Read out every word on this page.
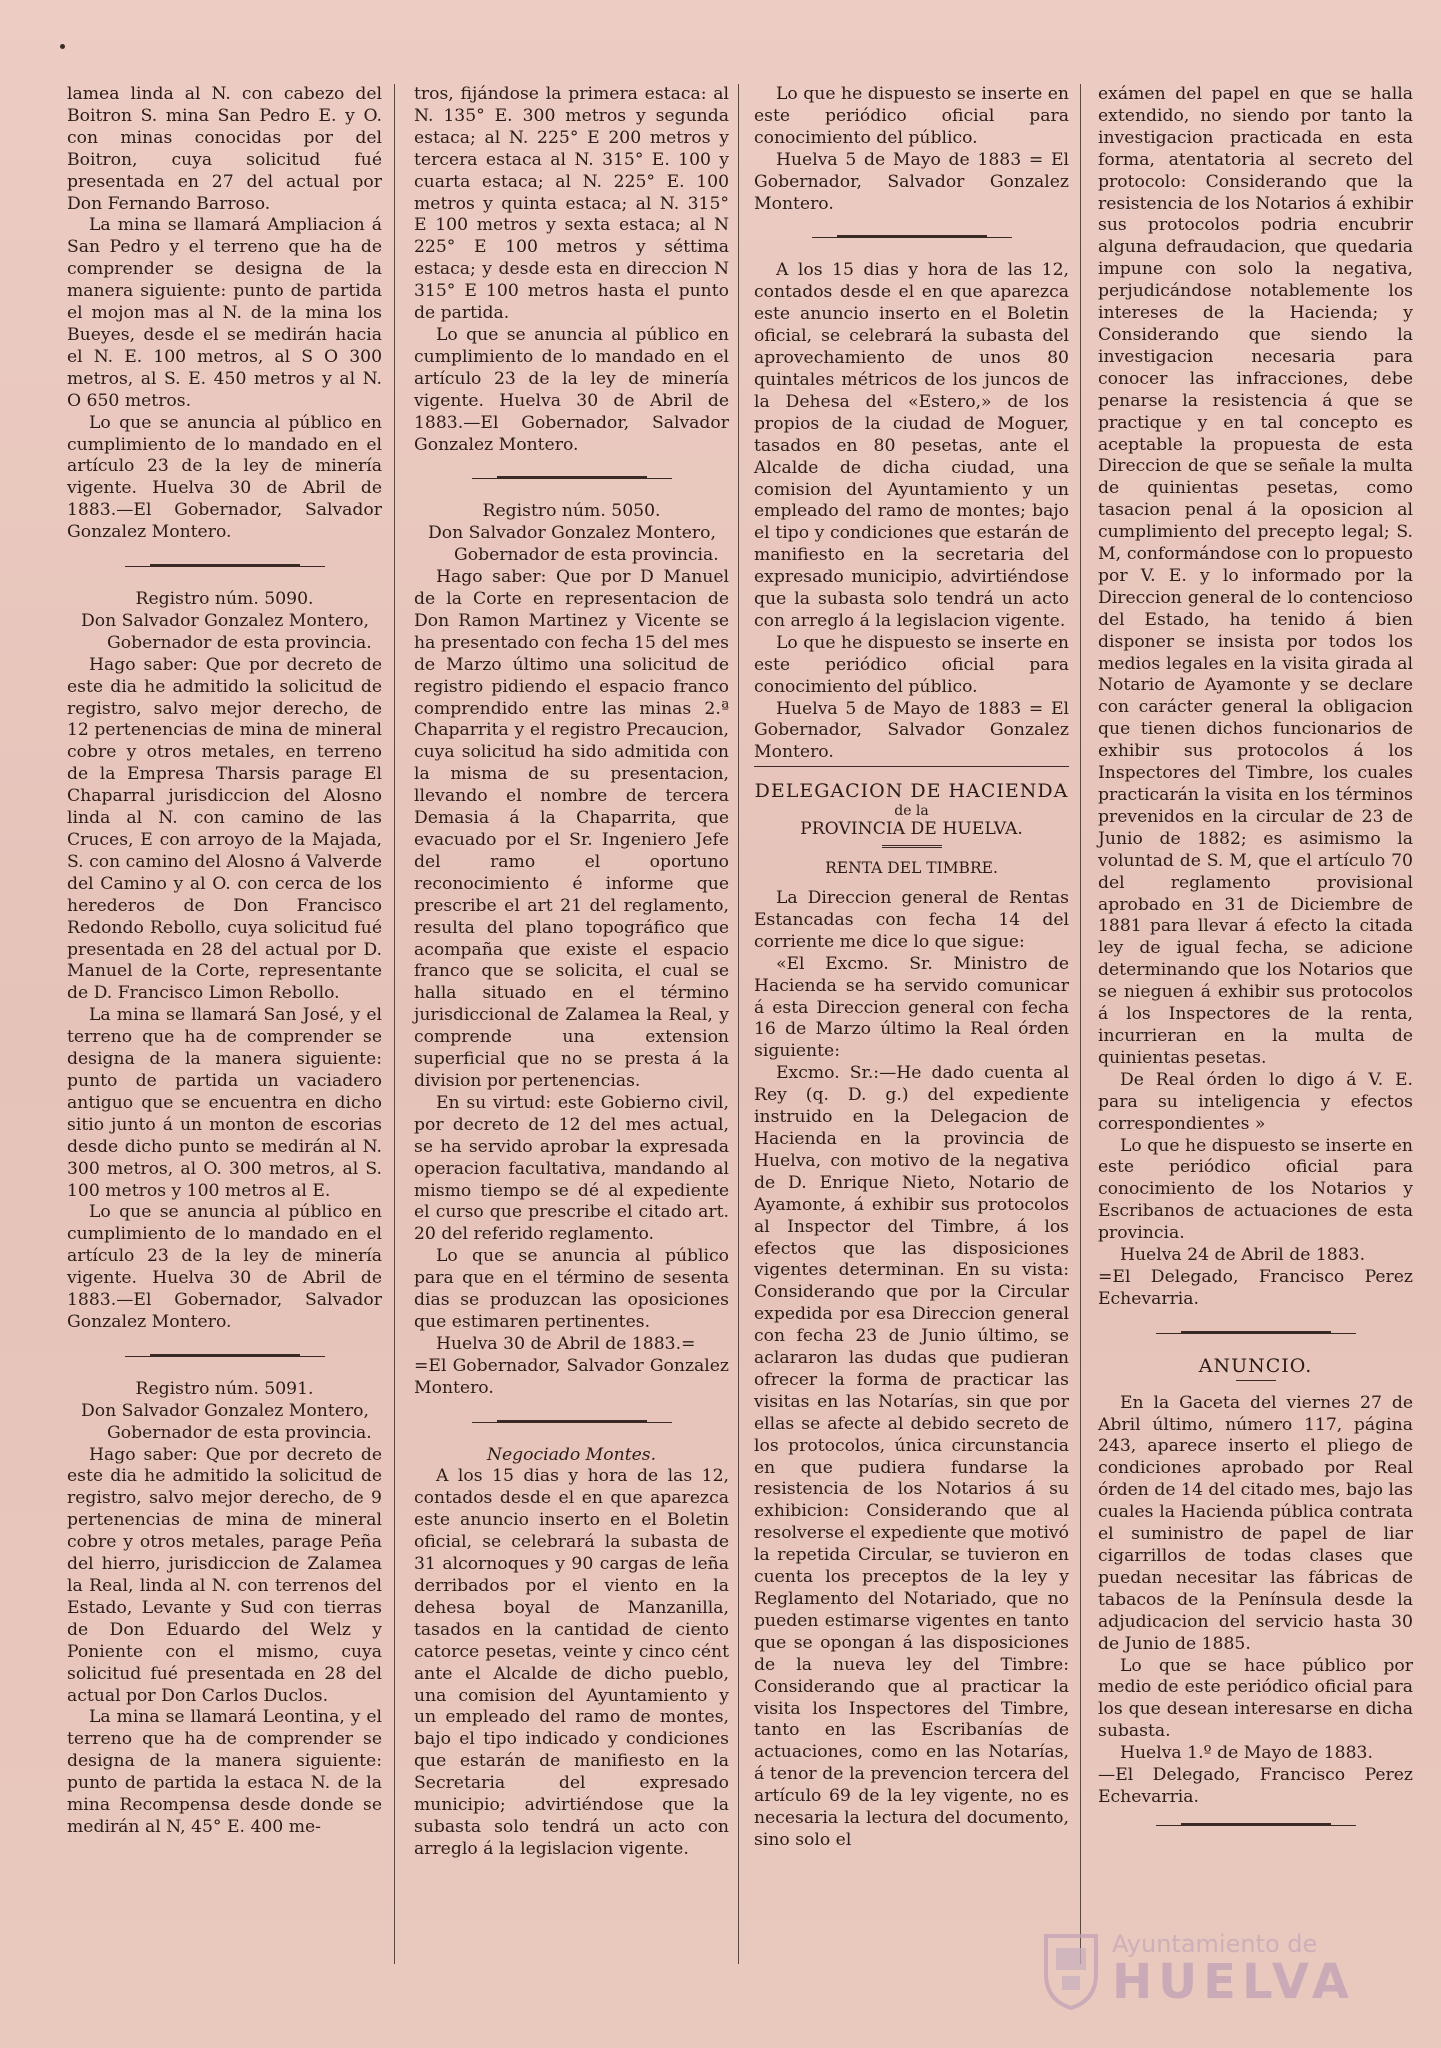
lamea linda al N. con cabezo del Boitron S. mina San Pedro E. y O. con minas conocidas por del Boitron, cuya solicitud fué presentada en 27 del actual por Don Fernando Barroso.

La mina se llamará Ampliacion á San Pedro y el terreno que ha de comprender se designa de la manera siguiente: punto de partida el mojon mas al N. de la mina los Bueyes, desde el se medirán hacia el N. E. 100 metros, al S O 300 metros, al S. E. 450 metros y al N. O 650 metros.

Lo que se anuncia al público en cumplimiento de lo mandado en el artículo 23 de la ley de minería vigente. Huelva 30 de Abril de 1883.—El Gobernador, Salvador Gonzalez Montero.

Registro núm. 5090.

Don Salvador Gonzalez Montero,

Gobernador de esta provincia.

Hago saber: Que por decreto de este dia he admitido la solicitud de registro, salvo mejor derecho, de 12 pertenencias de mina de mineral cobre y otros metales, en terreno de la Empresa Tharsis parage El Chaparral jurisdiccion del Alosno linda al N. con camino de las Cruces, E con arroyo de la Majada, S. con camino del Alosno á Valverde del Camino y al O. con cerca de los herederos de Don Francisco Redondo Rebollo, cuya solicitud fué presentada en 28 del actual por D. Manuel de la Corte, representante de D. Francisco Limon Rebollo.

La mina se llamará San José, y el terreno que ha de comprender se designa de la manera siguiente: punto de partida un vaciadero antiguo que se encuentra en dicho sitio junto á un monton de escorias desde dicho punto se medirán al N. 300 metros, al O. 300 metros, al S. 100 metros y 100 metros al E.

Lo que se anuncia al público en cumplimiento de lo mandado en el artículo 23 de la ley de minería vigente. Huelva 30 de Abril de 1883.—El Gobernador, Salvador Gonzalez Montero.

Registro núm. 5091.

Don Salvador Gonzalez Montero,

Gobernador de esta provincia.

Hago saber: Que por decreto de este dia he admitido la solicitud de registro, salvo mejor derecho, de 9 pertenencias de mina de mineral cobre y otros metales, parage Peña del hierro, jurisdiccion de Zalamea la Real, linda al N. con terrenos del Estado, Levante y Sud con tierras de Don Eduardo del Welz y Poniente con el mismo, cuya solicitud fué presentada en 28 del actual por Don Carlos Duclos.

La mina se llamará Leontina, y el terreno que ha de comprender se designa de la manera siguiente: punto de partida la estaca N. de la mina Recompensa desde donde se medirán al N, 45° E. 400 me-

tros, fijándose la primera estaca: al N. 135° E. 300 metros y segunda estaca; al N. 225° E 200 metros y tercera estaca al N. 315° E. 100 y cuarta estaca; al N. 225° E. 100 metros y quinta estaca; al N. 315° E 100 metros y sexta estaca; al N 225° E 100 metros y séttima estaca; y desde esta en direccion N 315° E 100 metros hasta el punto de partida.

Lo que se anuncia al público en cumplimiento de lo mandado en el artículo 23 de la ley de minería vigente. Huelva 30 de Abril de 1883.—El Gobernador, Salvador Gonzalez Montero.

Registro núm. 5050.

Don Salvador Gonzalez Montero,

Gobernador de esta provincia.

Hago saber: Que por D Manuel de la Corte en representacion de Don Ramon Martinez y Vicente se ha presentado con fecha 15 del mes de Marzo último una solicitud de registro pidiendo el espacio franco comprendido entre las minas 2.ª Chaparrita y el registro Precaucion, cuya solicitud ha sido admitida con la misma de su presentacion, llevando el nombre de tercera Demasia á la Chaparrita, que evacuado por el Sr. Ingeniero Jefe del ramo el oportuno reconocimiento é informe que prescribe el art 21 del reglamento, resulta del plano topográfico que acompaña que existe el espacio franco que se solicita, el cual se halla situado en el término jurisdiccional de Zalamea la Real, y comprende una extension superficial que no se presta á la division por pertenencias.

En su virtud: este Gobierno civil, por decreto de 12 del mes actual, se ha servido aprobar la expresada operacion facultativa, mandando al mismo tiempo se dé al expediente el curso que prescribe el citado art. 20 del referido reglamento.

Lo que se anuncia al público para que en el término de sesenta dias se produzcan las oposiciones que estimaren pertinentes.

Huelva 30 de Abril de 1883.=

=El Gobernador, Salvador Gonzalez Montero.

Negociado Montes.

A los 15 dias y hora de las 12, contados desde el en que aparezca este anuncio inserto en el Boletin oficial, se celebrará la subasta de 31 alcornoques y 90 cargas de leña derribados por el viento en la dehesa boyal de Manzanilla, tasados en la cantidad de ciento catorce pesetas, veinte y cinco cént ante el Alcalde de dicho pueblo, una comision del Ayuntamiento y un empleado del ramo de montes, bajo el tipo indicado y condiciones que estarán de manifiesto en la Secretaria del expresado municipio; advirtiéndose que la subasta solo tendrá un acto con arreglo á la legislacion vigente.

Lo que he dispuesto se inserte en este periódico oficial para conocimiento del público.

Huelva 5 de Mayo de 1883 = El Gobernador, Salvador Gonzalez Montero.

A los 15 dias y hora de las 12, contados desde el en que aparezca este anuncio inserto en el Boletin oficial, se celebrará la subasta del aprovechamiento de unos 80 quintales métricos de los juncos de la Dehesa del «Estero,» de los propios de la ciudad de Moguer, tasados en 80 pesetas, ante el Alcalde de dicha ciudad, una comision del Ayuntamiento y un empleado del ramo de montes; bajo el tipo y condiciones que estarán de manifiesto en la secretaria del expresado municipio, advirtiéndose que la subasta solo tendrá un acto con arreglo á la legislacion vigente.

Lo que he dispuesto se inserte en este periódico oficial para conocimiento del público.

Huelva 5 de Mayo de 1883 = El Gobernador, Salvador Gonzalez Montero.

DELEGACION DE HACIENDA

de la

PROVINCIA DE HUELVA.

RENTA DEL TIMBRE.

La Direccion general de Rentas Estancadas con fecha 14 del corriente me dice lo que sigue:

«El Excmo. Sr. Ministro de Hacienda se ha servido comunicar á esta Direccion general con fecha 16 de Marzo último la Real órden siguiente:

Excmo. Sr.:—He dado cuenta al Rey (q. D. g.) del expediente instruido en la Delegacion de Hacienda en la provincia de Huelva, con motivo de la negativa de D. Enrique Nieto, Notario de Ayamonte, á exhibir sus protocolos al Inspector del Timbre, á los efectos que las disposiciones vigentes determinan. En su vista: Considerando que por la Circular expedida por esa Direccion general con fecha 23 de Junio último, se aclararon las dudas que pudieran ofrecer la forma de practicar las visitas en las Notarías, sin que por ellas se afecte al debido secreto de los protocolos, única circunstancia en que pudiera fundarse la resistencia de los Notarios á su exhibicion: Considerando que al resolverse el expediente que motivó la repetida Circular, se tuvieron en cuenta los preceptos de la ley y Reglamento del Notariado, que no pueden estimarse vigentes en tanto que se opongan á las disposiciones de la nueva ley del Timbre: Considerando que al practicar la visita los Inspectores del Timbre, tanto en las Escribanías de actuaciones, como en las Notarías, á tenor de la prevencion tercera del artículo 69 de la ley vigente, no es necesaria la lectura del documento, sino solo el

exámen del papel en que se halla extendido, no siendo por tanto la investigacion practicada en esta forma, atentatoria al secreto del protocolo: Considerando que la resistencia de los Notarios á exhibir sus protocolos podria encubrir alguna defraudacion, que quedaria impune con solo la negativa, perjudicándose notablemente los intereses de la Hacienda; y Considerando que siendo la investigacion necesaria para conocer las infracciones, debe penarse la resistencia á que se practique y en tal concepto es aceptable la propuesta de esta Direccion de que se señale la multa de quinientas pesetas, como tasacion penal á la oposicion al cumplimiento del precepto legal; S. M, conformándose con lo propuesto por V. E. y lo informado por la Direccion general de lo contencioso del Estado, ha tenido á bien disponer se insista por todos los medios legales en la visita girada al Notario de Ayamonte y se declare con carácter general la obligacion que tienen dichos funcionarios de exhibir sus protocolos á los Inspectores del Timbre, los cuales practicarán la visita en los términos prevenidos en la circular de 23 de Junio de 1882; es asimismo la voluntad de S. M, que el artículo 70 del reglamento provisional aprobado en 31 de Diciembre de 1881 para llevar á efecto la citada ley de igual fecha, se adicione determinando que los Notarios que se nieguen á exhibir sus protocolos á los Inspectores de la renta, incurrieran en la multa de quinientas pesetas.

De Real órden lo digo á V. E. para su inteligencia y efectos correspondientes »

Lo que he dispuesto se inserte en este periódico oficial para conocimiento de los Notarios y Escribanos de actuaciones de esta provincia.

Huelva 24 de Abril de 1883.

=El Delegado, Francisco Perez Echevarria.

ANUNCIO.

En la Gaceta del viernes 27 de Abril último, número 117, página 243, aparece inserto el pliego de condiciones aprobado por Real órden de 14 del citado mes, bajo las cuales la Hacienda pública contrata el suministro de papel de liar cigarrillos de todas clases que puedan necesitar las fábricas de tabacos de la Península desde la adjudicacion del servicio hasta 30 de Junio de 1885.

Lo que se hace público por medio de este periódico oficial para los que desean interesarse en dicha subasta.

Huelva 1.º de Mayo de 1883.

—El Delegado, Francisco Perez Echevarria.

Ayuntamiento de
HUELVA
